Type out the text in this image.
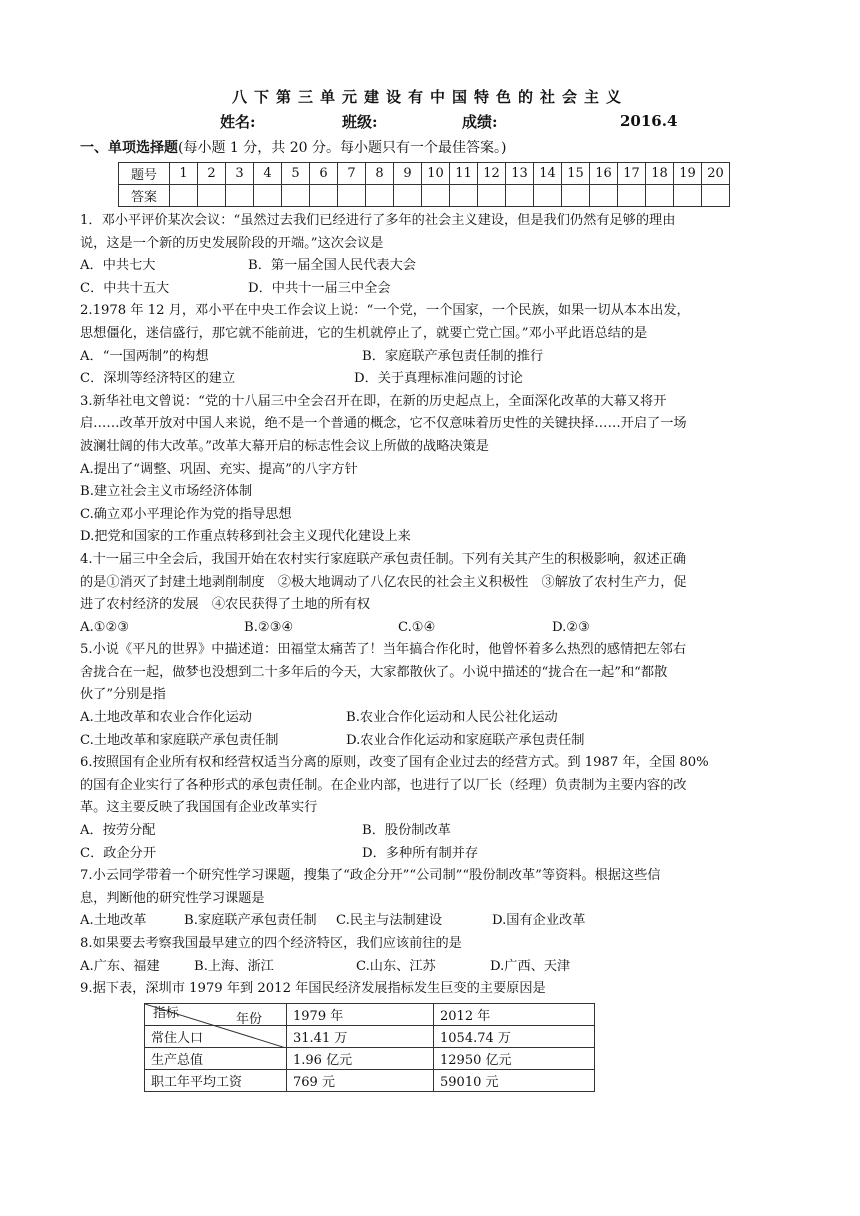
八下第三单元建设有中国特色的社会主义
姓名:	班级:	成绩:	2016.4
一、单项选择题(每小题 1 分，共 20 分。每小题只有一个最佳答案。)
题号	1	2	3	4	5	6	7	8	9	10	11	12	13	14	15	16	17	18	19	20
答案																				

1．邓小平评价某次会议：“虽然过去我们已经进行了多年的社会主义建设，但是我们仍然有足够的理由

说，这是一个新的历史发展阶段的开端。”这次会议是

A．中共七大	B．第一届全国人民代表大会
C．中共十五大	D．中共十一届三中全会

2.1978 年 12 月，邓小平在中央工作会议上说：“一个党，一个国家，一个民族，如果一切从本本出发，

思想僵化，迷信盛行，那它就不能前进，它的生机就停止了，就要亡党亡国。”邓小平此语总结的是

A．“一国两制”的构想	B．家庭联产承包责任制的推行
C．深圳等经济特区的建立	D．关于真理标准问题的讨论

3.新华社电文曾说：“党的十八届三中全会召开在即，在新的历史起点上，全面深化改革的大幕又将开

启……改革开放对中国人来说，绝不是一个普通的概念，它不仅意味着历史性的关键抉择……开启了一场

波澜壮阔的伟大改革。”改革大幕开启的标志性会议上所做的战略决策是

A.提出了“调整、巩固、充实、提高”的八字方针

B.建立社会主义市场经济体制

C.确立邓小平理论作为党的指导思想

D.把党和国家的工作重点转移到社会主义现代化建设上来

4.十一届三中全会后，我国开始在农村实行家庭联产承包责任制。下列有关其产生的积极影响，叙述正确

的是①消灭了封建土地剥削制度　②极大地调动了八亿农民的社会主义积极性　③解放了农村生产力，促

进了农村经济的发展　④农民获得了土地的所有权

A.①②③	B.②③④	C.①④	D.②③

5.小说《平凡的世界》中描述道：田福堂太痛苦了！当年搞合作化时，他曾怀着多么热烈的感情把左邻右

舍拢合在一起，做梦也没想到二十多年后的今天，大家都散伙了。小说中描述的“拢合在一起”和“都散

伙了”分别是指

A.土地改革和农业合作化运动	B.农业合作化运动和人民公社化运动
C.土地改革和家庭联产承包责任制	D.农业合作化运动和家庭联产承包责任制

6.按照国有企业所有权和经营权适当分离的原则，改变了国有企业过去的经营方式。到 1987 年，全国 80%

的国有企业实行了各种形式的承包责任制。在企业内部，也进行了以厂长（经理）负责制为主要内容的改

革。这主要反映了我国国有企业改革实行

A．按劳分配	B．股份制改革
C．政企分开	D．多种所有制并存

7.小云同学带着一个研究性学习课题，搜集了“政企分开”“公司制”“股份制改革”等资料。根据这些信

息，判断他的研究性学习课题是

A.土地改革	B.家庭联产承包责任制	C.民主与法制建设	D.国有企业改革

8.如果要去考察我国最早建立的四个经济特区，我们应该前往的是

A.广东、福建	B.上海、浙江	C.山东、江苏	D.广西、天津

9.据下表，深圳市 1979 年到 2012 年国民经济发展指标发生巨变的主要原因是

年份
指标	1979 年	2012 年
常住人口	31.41 万	1054.74 万
生产总值	1.96 亿元	12950 亿元
职工年平均工资	769 元	59010 元
